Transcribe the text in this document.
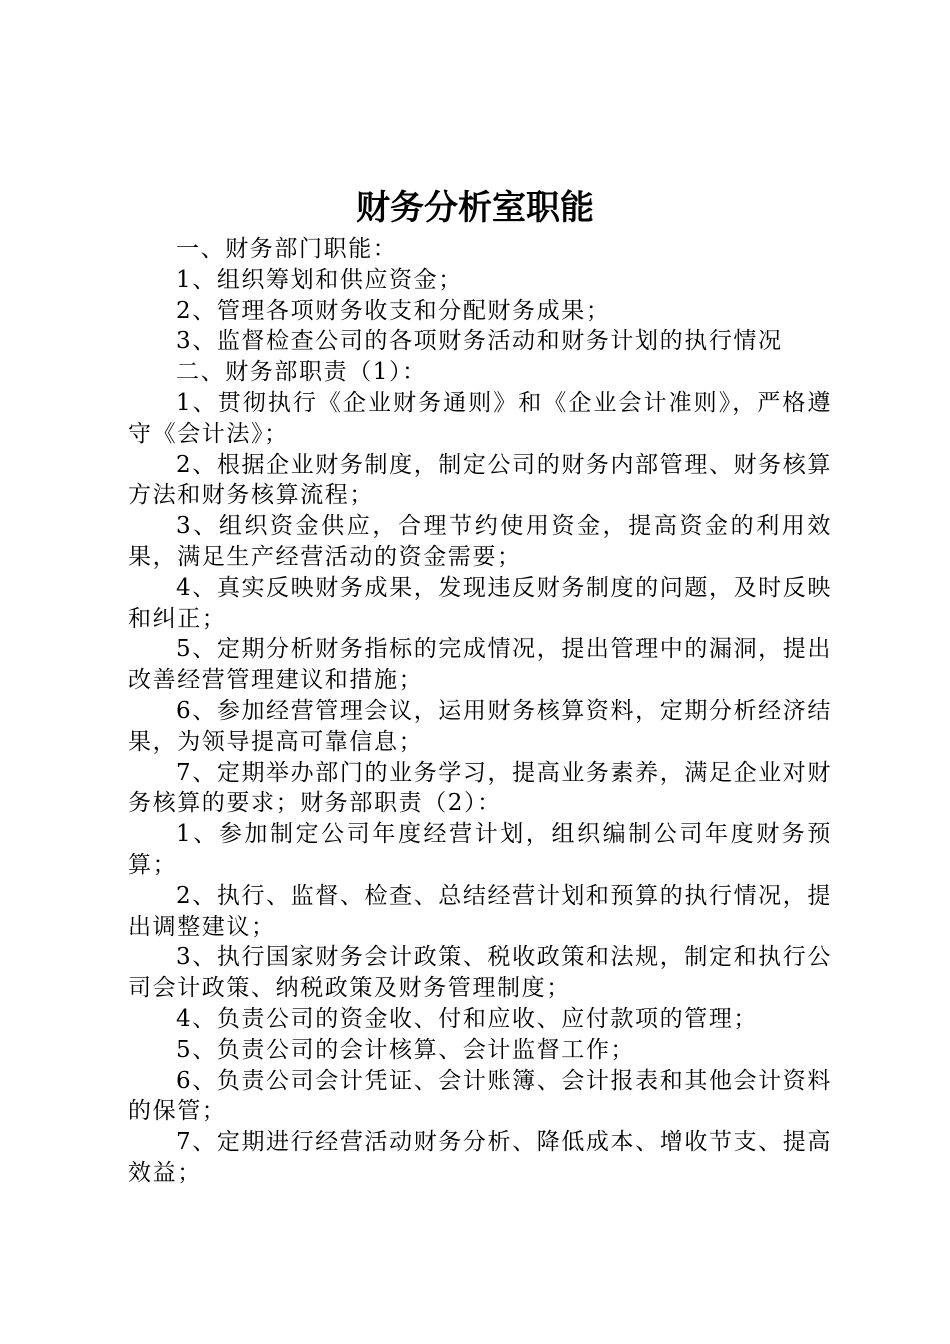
财务分析室职能

一、财务部门职能：

1、组织筹划和供应资金；

2、管理各项财务收支和分配财务成果；

3、监督检查公司的各项财务活动和财务计划的执行情况

二、财务部职责（1）：

1、贯彻执行《企业财务通则》和《企业会计准则》，严格遵守《会计法》；

2、根据企业财务制度，制定公司的财务内部管理、财务核算方法和财务核算流程；

3、组织资金供应，合理节约使用资金，提高资金的利用效果，满足生产经营活动的资金需要；

4、真实反映财务成果，发现违反财务制度的问题，及时反映和纠正；

5、定期分析财务指标的完成情况，提出管理中的漏洞，提出改善经营管理建议和措施；

6、参加经营管理会议，运用财务核算资料，定期分析经济结果，为领导提高可靠信息；

7、定期举办部门的业务学习，提高业务素养，满足企业对财务核算的要求；财务部职责（2）：

1、参加制定公司年度经营计划，组织编制公司年度财务预算；

2、执行、监督、检查、总结经营计划和预算的执行情况，提出调整建议；

3、执行国家财务会计政策、税收政策和法规，制定和执行公司会计政策、纳税政策及财务管理制度；

4、负责公司的资金收、付和应收、应付款项的管理；

5、负责公司的会计核算、会计监督工作；

6、负责公司会计凭证、会计账簿、会计报表和其他会计资料的保管；

7、定期进行经营活动财务分析、降低成本、增收节支、提高效益；
